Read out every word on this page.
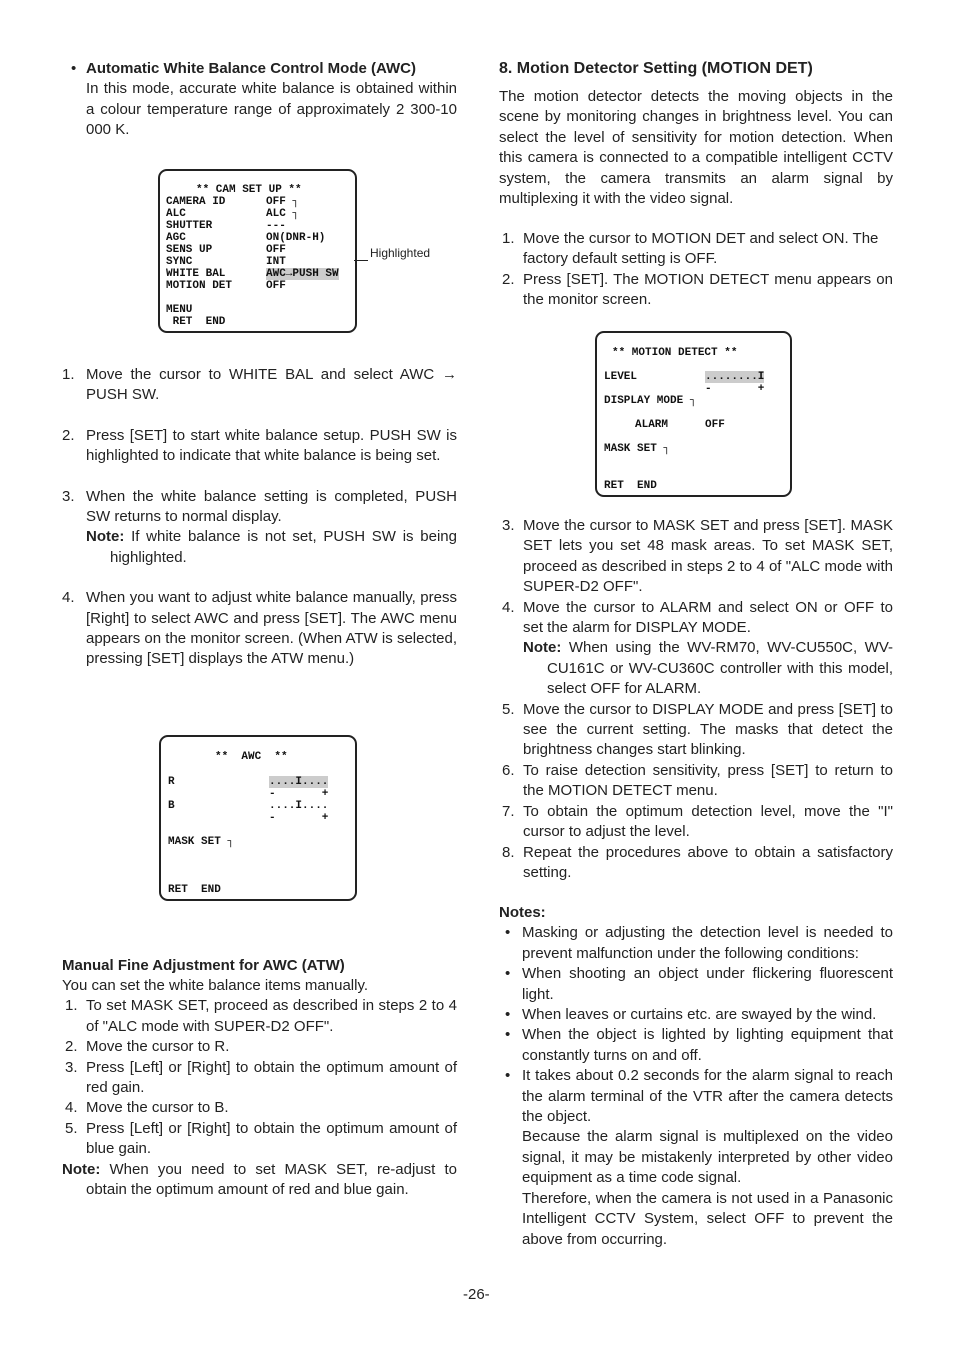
• Automatic White Balance Control Mode (AWC)

In this mode, accurate white balance is obtained within a colour temperature range of approximately 2 300-10 000 K.

** CAM SET UP **
CAMERA ID	OFF ┐
ALC	ALC ┐
SHUTTER	---
AGC	ON(DNR-H)
SENS UP	OFF
SYNC	INT
WHITE BAL	AWC→PUSH SW
MOTION DET	OFF
MENU
RET  END
Highlighted
1. Move the cursor to WHITE BAL and select AWC → PUSH SW.

2. Press [SET] to start white balance setup. PUSH SW is highlighted to indicate that white balance is being set.

3. When the white balance setting is completed, PUSH SW returns to normal display.

Note: If white balance is not set, PUSH SW is being highlighted.

4. When you want to adjust white balance manually, press [Right] to select AWC and press [SET]. The AWC menu appears on the monitor screen. (When ATW is selected, pressing [SET] displays the ATW menu.)

**  AWC  **
R	....I....
-       +
B	....I....
-       +
MASK SET ┐
RET  END
Manual Fine Adjustment for AWC (ATW)

You can set the white balance items manually.

1. To set MASK SET, proceed as described in steps 2 to 4 of "ALC mode with SUPER-D2 OFF".

2. Move the cursor to R.

3. Press [Left] or [Right] to obtain the optimum amount of red gain.

4. Move the cursor to B.

5. Press [Left] or [Right] to obtain the optimum amount of blue gain.

Note: When you need to set MASK SET, re-adjust to obtain the optimum amount of red and blue gain.

8. Motion Detector Setting (MOTION DET)

The motion detector detects the moving objects in the scene by monitoring changes in brightness level. You can select the level of sensitivity for motion detection. When this camera is connected to a compatible intelligent CCTV system, the camera transmits an alarm signal by multiplexing it with the video signal.

1. Move the cursor to MOTION DET and select ON. The factory default setting is OFF.

2. Press [SET]. The MOTION DETECT menu appears on the monitor screen.

** MOTION DETECT **
LEVEL	........I
-       +
DISPLAY MODE ┐
ALARM	OFF
MASK SET ┐
RET  END
3. Move the cursor to MASK SET and press [SET]. MASK SET lets you set 48 mask areas. To set MASK SET, proceed as described in steps 2 to 4 of "ALC mode with SUPER-D2 OFF".

4. Move the cursor to ALARM and select ON or OFF to set the alarm for DISPLAY MODE.

Note: When using the WV-RM70, WV-CU550C, WV-CU161C or WV-CU360C controller with this model, select OFF for ALARM.

5. Move the cursor to DISPLAY MODE and press [SET] to see the current setting. The masks that detect the brightness changes start blinking.

6. To raise detection sensitivity, press [SET] to return to the MOTION DETECT menu.

7. To obtain the optimum detection level, move the "I" cursor to adjust the level.

8. Repeat the procedures above to obtain a satisfactory setting.

Notes:

• Masking or adjusting the detection level is needed to prevent malfunction under the following conditions:

• When shooting an object under flickering fluorescent light.

• When leaves or curtains etc. are swayed by the wind.

• When the object is lighted by lighting equipment that constantly turns on and off.

• It takes about 0.2 seconds for the alarm signal to reach the alarm terminal of the VTR after the camera detects the object.

Because the alarm signal is multiplexed on the video signal, it may be mistakenly interpreted by other video equipment as a time code signal.

Therefore, when the camera is not used in a Panasonic Intelligent CCTV System, select OFF to prevent the above from occurring.

-26-
